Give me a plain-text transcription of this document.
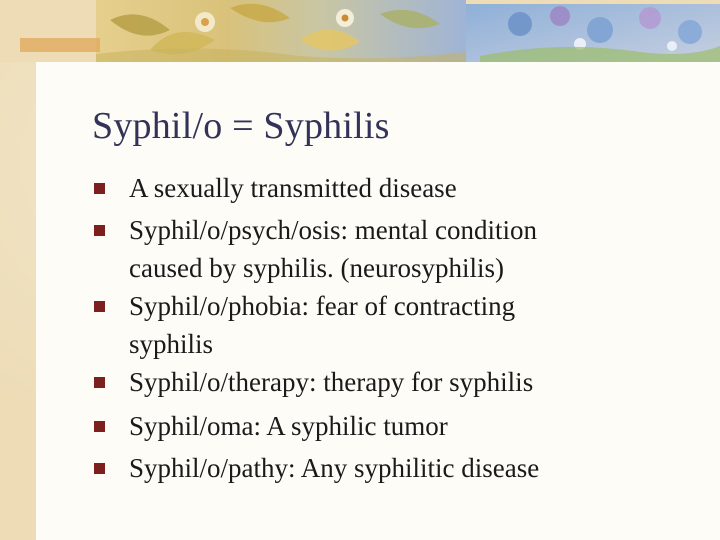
Syphil/o = Syphilis
A sexually transmitted disease
Syphil/o/psych/osis: mental condition
caused by syphilis. (neurosyphilis)
Syphil/o/phobia: fear of contracting
syphilis
Syphil/o/therapy: therapy for syphilis
Syphil/oma: A syphilic tumor
Syphil/o/pathy: Any syphilitic disease
